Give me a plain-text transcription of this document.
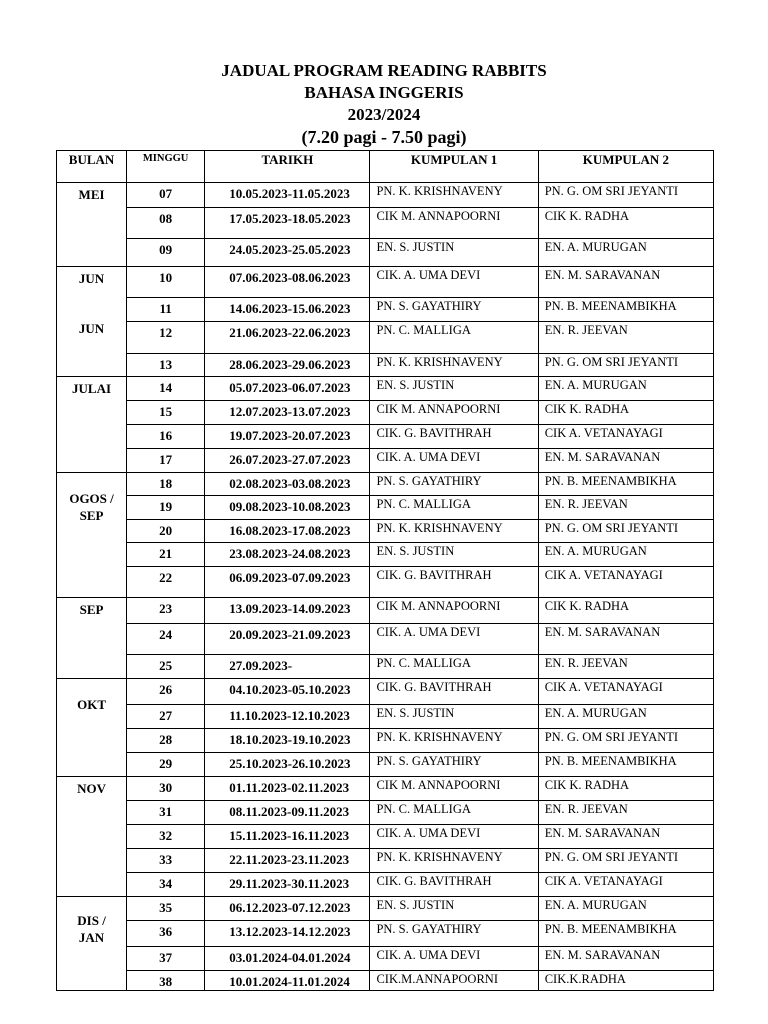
JADUAL PROGRAM READING RABBITS
BAHASA INGGERIS
2023/2024
(7.20 pagi - 7.50 pagi)
BULAN	MINGGU	TARIKH	KUMPULAN 1	KUMPULAN 2
MEI	07	10.05.2023-11.05.2023	PN. K. KRISHNAVENY	PN. G. OM SRI JEYANTI
	08	17.05.2023-18.05.2023	CIK M. ANNAPOORNI	CIK K. RADHA
	09	24.05.2023-25.05.2023	EN. S. JUSTIN	EN. A. MURUGAN

JUN
JUN	10	07.06.2023-08.06.2023	CIK. A. UMA DEVI	EN. M. SARAVANAN
	11	14.06.2023-15.06.2023	PN. S. GAYATHIRY	PN. B. MEENAMBIKHA
	12	21.06.2023-22.06.2023	PN. C. MALLIGA	EN. R. JEEVAN
	13	28.06.2023-29.06.2023	PN. K. KRISHNAVENY	PN. G. OM SRI JEYANTI
JULAI	14	05.07.2023-06.07.2023	EN. S. JUSTIN	EN. A. MURUGAN
	15	12.07.2023-13.07.2023	CIK M. ANNAPOORNI	CIK K. RADHA
	16	19.07.2023-20.07.2023	CIK. G. BAVITHRAH	CIK A. VETANAYAGI
	17	26.07.2023-27.07.2023	CIK. A. UMA DEVI	EN. M. SARAVANAN

OGOS / SEP	18	02.08.2023-03.08.2023	PN. S. GAYATHIRY	PN. B. MEENAMBIKHA
	19	09.08.2023-10.08.2023	PN. C. MALLIGA	EN. R. JEEVAN
	20	16.08.2023-17.08.2023	PN. K. KRISHNAVENY	PN. G. OM SRI JEYANTI
	21	23.08.2023-24.08.2023	EN. S. JUSTIN	EN. A. MURUGAN
	22	06.09.2023-07.09.2023	CIK. G. BAVITHRAH	CIK A. VETANAYAGI
SEP	23	13.09.2023-14.09.2023	CIK M. ANNAPOORNI	CIK K. RADHA
	24	20.09.2023-21.09.2023	CIK. A. UMA DEVI	EN. M. SARAVANAN
	25	27.09.2023-	PN. C. MALLIGA	EN. R. JEEVAN

OKT	26	04.10.2023-05.10.2023	CIK. G. BAVITHRAH	CIK A. VETANAYAGI
	27	11.10.2023-12.10.2023	EN. S. JUSTIN	EN. A. MURUGAN
	28	18.10.2023-19.10.2023	PN. K. KRISHNAVENY	PN. G. OM SRI JEYANTI
	29	25.10.2023-26.10.2023	PN. S. GAYATHIRY	PN. B. MEENAMBIKHA
NOV	30	01.11.2023-02.11.2023	CIK M. ANNAPOORNI	CIK K. RADHA
	31	08.11.2023-09.11.2023	PN. C. MALLIGA	EN. R. JEEVAN
	32	15.11.2023-16.11.2023	CIK. A. UMA DEVI	EN. M. SARAVANAN
	33	22.11.2023-23.11.2023	PN. K. KRISHNAVENY	PN. G. OM SRI JEYANTI
	34	29.11.2023-30.11.2023	CIK. G. BAVITHRAH	CIK A. VETANAYAGI

DIS / JAN	35	06.12.2023-07.12.2023	EN. S. JUSTIN	EN. A. MURUGAN
	36	13.12.2023-14.12.2023	PN. S. GAYATHIRY	PN. B. MEENAMBIKHA
	37	03.01.2024-04.01.2024	CIK. A. UMA DEVI	EN. M. SARAVANAN
	38	10.01.2024-11.01.2024	CIK.M.ANNAPOORNI	CIK.K.RADHA
